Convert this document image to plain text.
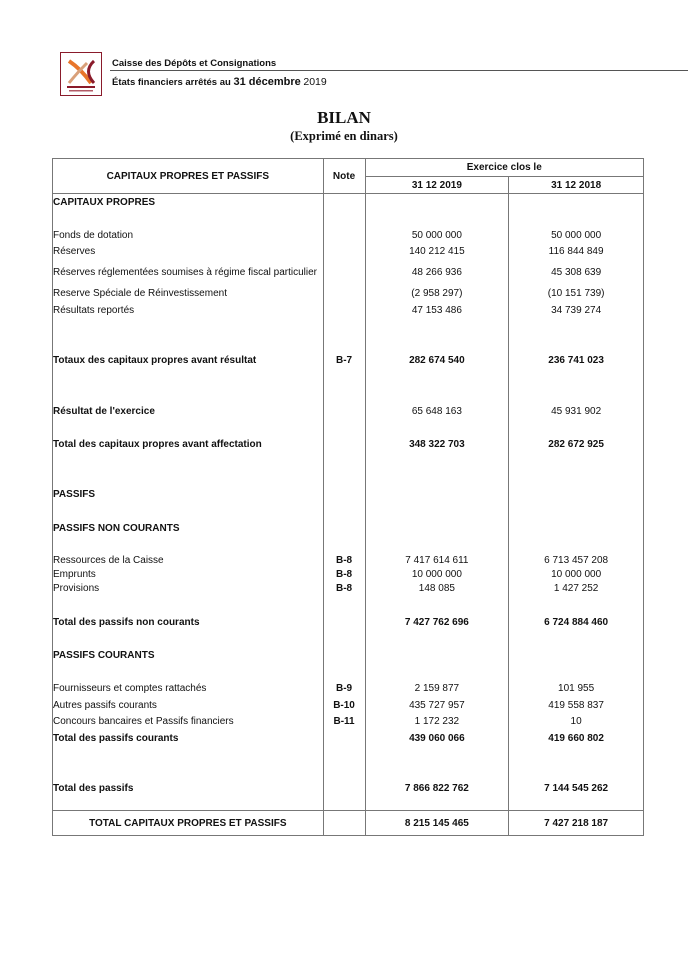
Caisse des Dépôts et Consignations
États financiers arrêtés au 31 décembre 2019
BILAN
(Exprimé en dinars)
CAPITAUX PROPRES ET PASSIFS	Note	Exercice clos le	
		31 12 2019	31 12 2018
CAPITAUX PROPRES			

Fonds de dotation		50 000 000	50 000 000
Réserves		140 212 415	116 844 849
Réserves réglementées soumises à régime fiscal particulier		48 266 936	45 308 639
Reserve Spéciale de Réinvestissement		(2 958 297)	(10 151 739)
Résultats reportés		47 153 486	34 739 274

Totaux des capitaux propres avant résultat	B-7	282 674 540	236 741 023

Résultat de l'exercice		65 648 163	45 931 902

Total des capitaux propres avant affectation		348 322 703	282 672 925

PASSIFS			

PASSIFS NON COURANTS			

Ressources de la Caisse	B-8	7 417 614 611	6 713 457 208
Emprunts	B-8	10 000 000	10 000 000
Provisions	B-8	148 085	1 427 252

Total des passifs non courants		7 427 762 696	6 724 884 460

PASSIFS COURANTS			

Fournisseurs et comptes rattachés	B-9	2 159 877	101 955
Autres passifs courants	B-10	435 727 957	419 558 837
Concours bancaires et Passifs financiers	B-11	1 172 232	10
Total des passifs courants		439 060 066	419 660 802

Total des passifs		7 866 822 762	7 144 545 262

TOTAL CAPITAUX PROPRES ET PASSIFS		8 215 145 465	7 427 218 187
